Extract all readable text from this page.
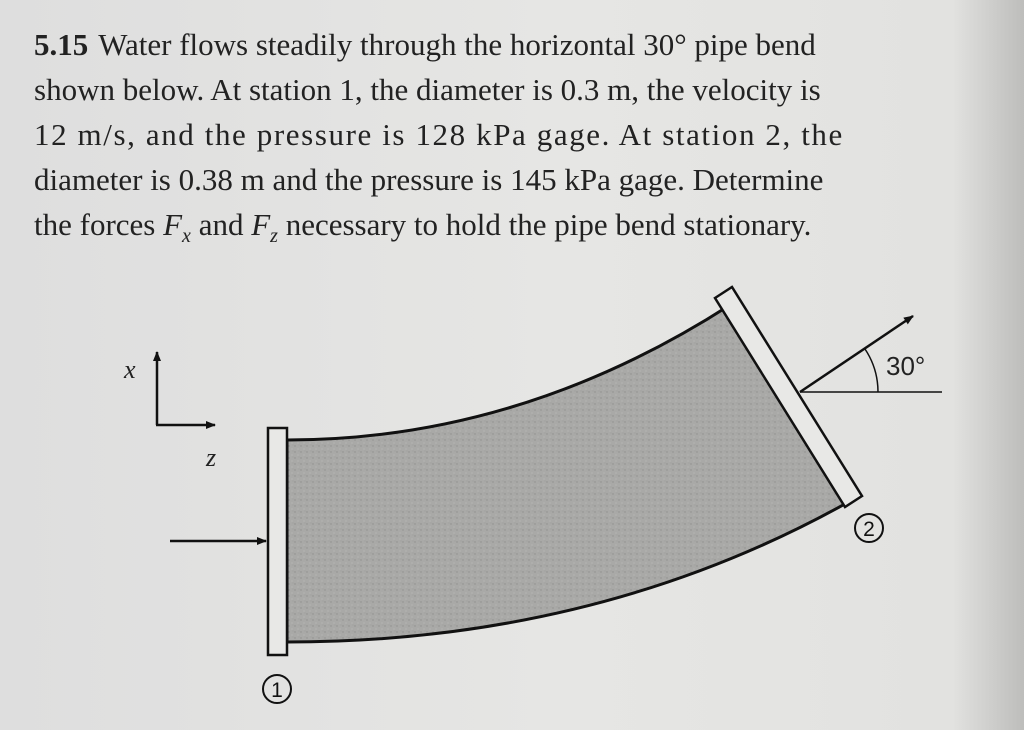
5.15 Water flows steadily through the horizontal 30° pipe bend
shown below. At station 1, the diameter is 0.3 m, the velocity is
12 m/s, and the pressure is 128 kPa gage. At station 2, the
diameter is 0.38 m and the pressure is 145 kPa gage. Determine
the forces $F_x$ and $F_z$ necessary to hold the pipe bend stationary.
x
z
30°
1
2
